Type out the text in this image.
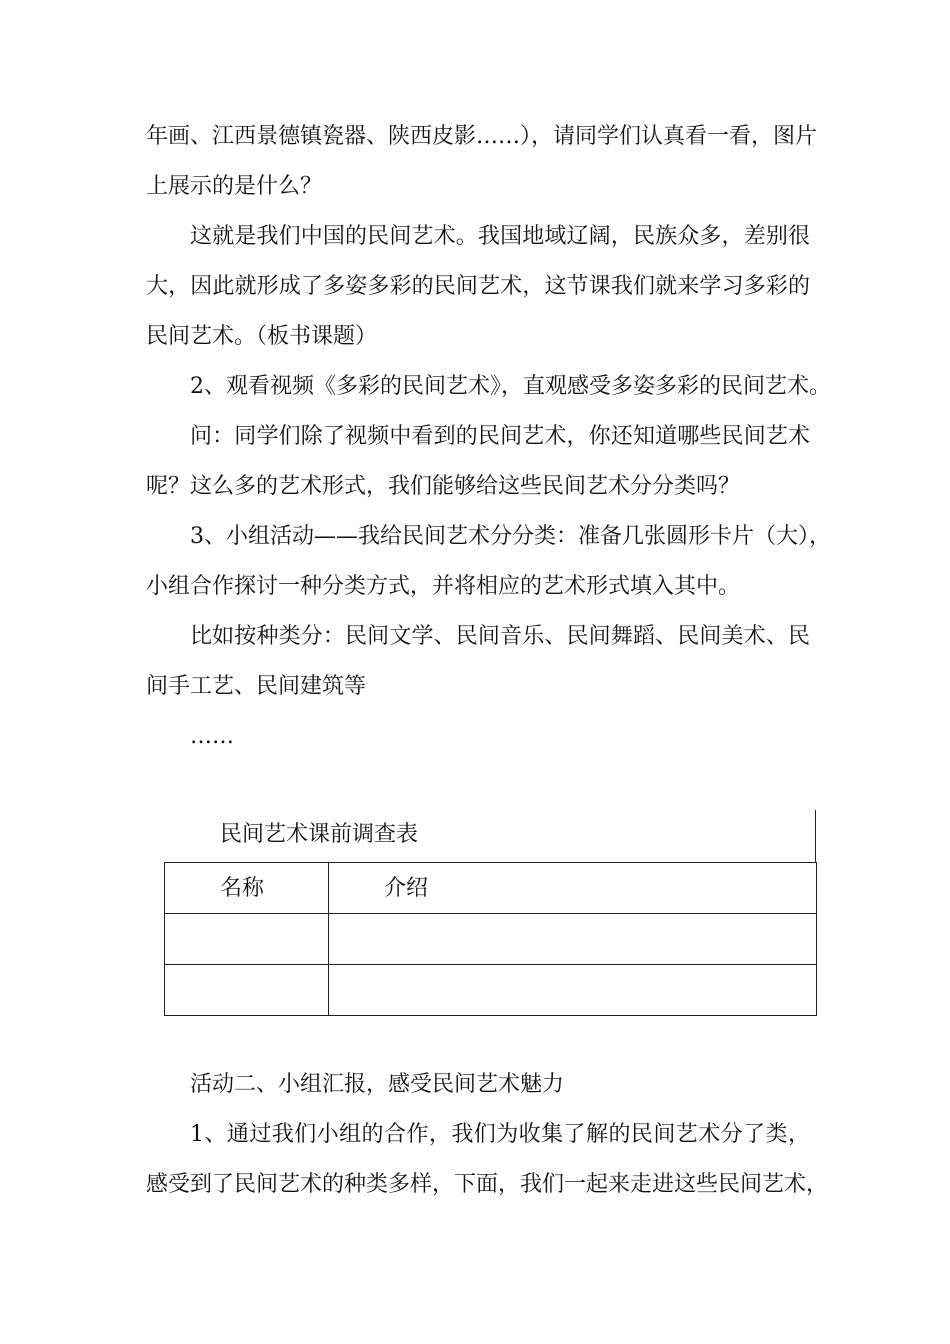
年画、江西景德镇瓷器、陕西皮影……），请同学们认真看一看，图片
上展示的是什么？
这就是我们中国的民间艺术。我国地域辽阔，民族众多，差别很
大，因此就形成了多姿多彩的民间艺术，这节课我们就来学习多彩的
民间艺术。（板书课题）
2、观看视频《多彩的民间艺术》，直观感受多姿多彩的民间艺术。
问：同学们除了视频中看到的民间艺术，你还知道哪些民间艺术
呢？这么多的艺术形式，我们能够给这些民间艺术分分类吗？
3、小组活动——我给民间艺术分分类：准备几张圆形卡片（大），
小组合作探讨一种分类方式，并将相应的艺术形式填入其中。
比如按种类分：民间文学、民间音乐、民间舞蹈、民间美术、民
间手工艺、民间建筑等
……
民间艺术课前调查表
名称	介绍

活动二、小组汇报，感受民间艺术魅力
1、通过我们小组的合作，我们为收集了解的民间艺术分了类，
感受到了民间艺术的种类多样，下面，我们一起来走进这些民间艺术，
